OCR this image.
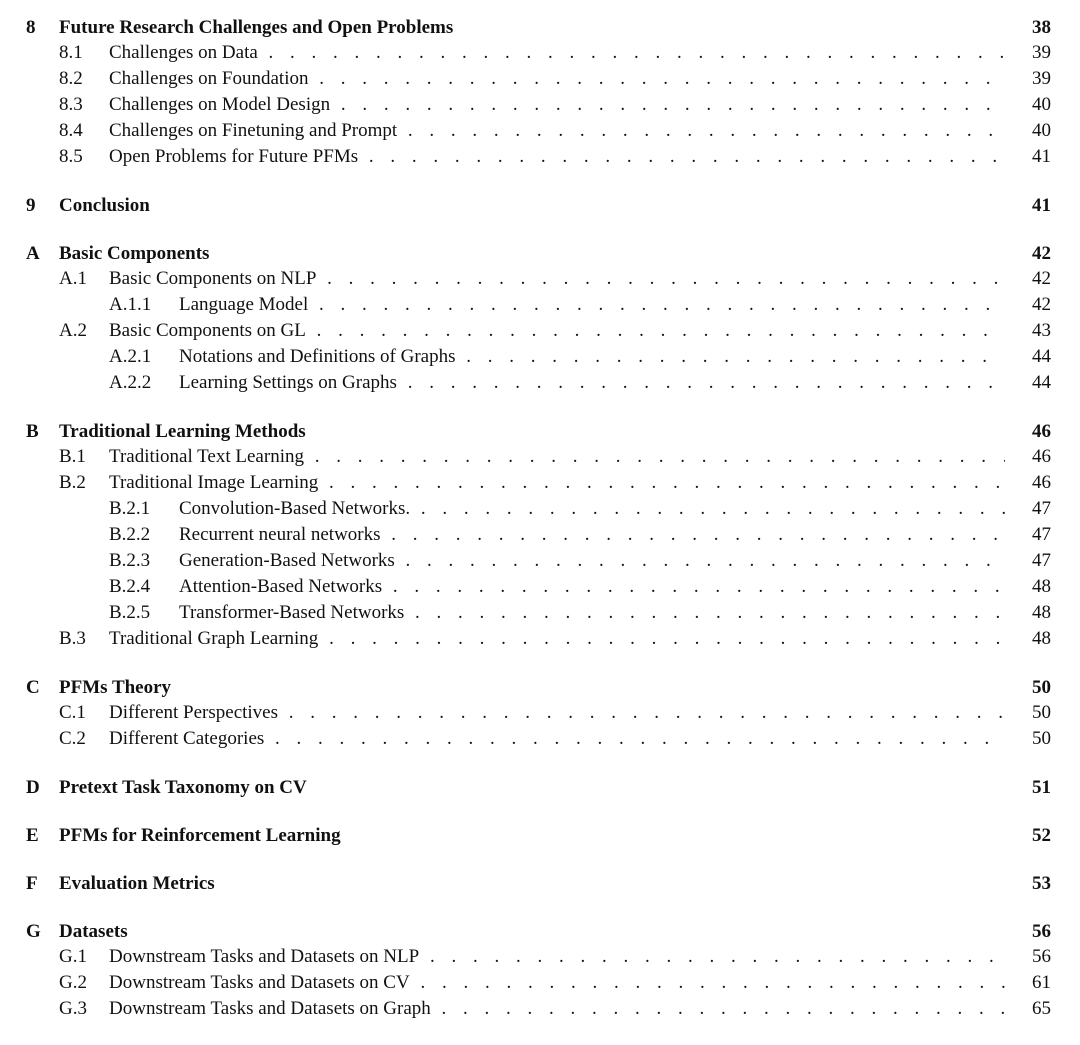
8 Future Research Challenges and Open Problems	38
8.1 Challenges on Data . . .	39
8.2 Challenges on Foundation . . .	39
8.3 Challenges on Model Design . . .	40
8.4 Challenges on Finetuning and Prompt . . .	40
8.5 Open Problems for Future PFMs . . .	41
9 Conclusion	41
A Basic Components	42
A.1 Basic Components on NLP . . .	42
A.1.1 Language Model . . .	42
A.2 Basic Components on GL . . .	43
A.2.1 Notations and Definitions of Graphs . . .	44
A.2.2 Learning Settings on Graphs . . .	44
B Traditional Learning Methods	46
B.1 Traditional Text Learning . . .	46
B.2 Traditional Image Learning . . .	46
B.2.1 Convolution-Based Networks. . . .	47
B.2.2 Recurrent neural networks . . .	47
B.2.3 Generation-Based Networks . . .	47
B.2.4 Attention-Based Networks . . .	48
B.2.5 Transformer-Based Networks . . .	48
B.3 Traditional Graph Learning . . .	48
C PFMs Theory	50
C.1 Different Perspectives . . .	50
C.2 Different Categories . . .	50
D Pretext Task Taxonomy on CV	51
E PFMs for Reinforcement Learning	52
F Evaluation Metrics	53
G Datasets	56
G.1 Downstream Tasks and Datasets on NLP . . .	56
G.2 Downstream Tasks and Datasets on CV . . .	61
G.3 Downstream Tasks and Datasets on Graph . . .	65
